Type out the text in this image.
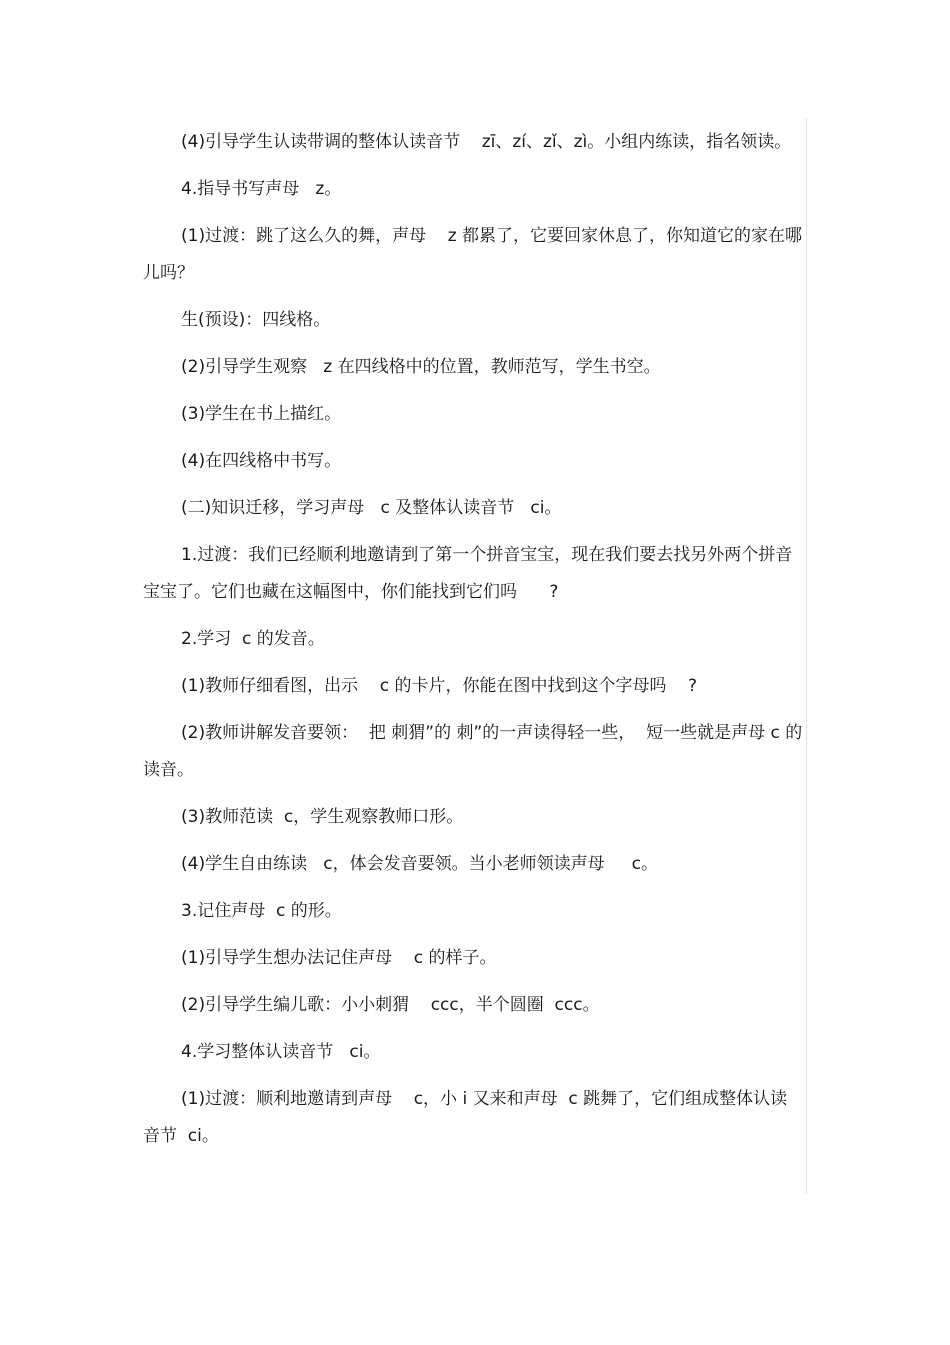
(4)引导学生认读带调的整体认读音节    zī、zí、zǐ、zì。小组内练读，指名领读。

4.指导书写声母   z。

(1)过渡：跳了这么久的舞，声母    z 都累了，它要回家休息了，你知道它的家在哪儿吗？

生(预设)：四线格。

(2)引导学生观察   z 在四线格中的位置，教师范写，学生书空。

(3)学生在书上描红。

(4)在四线格中书写。

(二)知识迁移，学习声母   c 及整体认读音节   ci。

1.过渡：我们已经顺利地邀请到了第一个拼音宝宝，现在我们要去找另外两个拼音宝宝了。它们也藏在这幅图中，你们能找到它们吗      ?

2.学习  c 的发音。

(1)教师仔细看图，出示    c 的卡片，你能在图中找到这个字母吗    ?

(2)教师讲解发音要领：  把 刺猬”的 刺”的一声读得轻一些，  短一些就是声母 c 的读音。

(3)教师范读  c，学生观察教师口形。

(4)学生自由练读   c，体会发音要领。当小老师领读声母     c。

3.记住声母  c 的形。

(1)引导学生想办法记住声母    c 的样子。

(2)引导学生编儿歌：小小刺猬    ccc，半个圆圈  ccc。

4.学习整体认读音节   ci。

(1)过渡：顺利地邀请到声母    c，小 i 又来和声母  c 跳舞了，它们组成整体认读音节  ci。
